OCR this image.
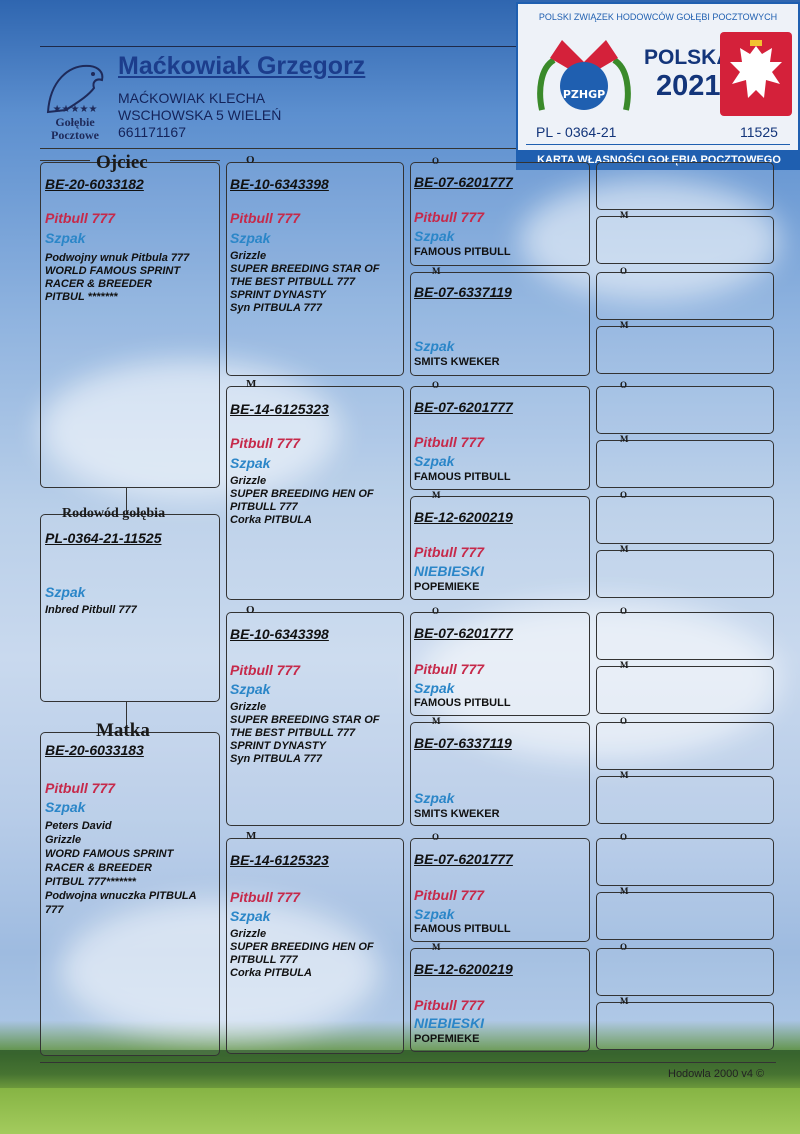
★★★★★
Gołębie
Pocztowe
Maćkowiak Grzegorz
MAĆKOWIAK KLECHA
WSCHOWSKA 5 WIELEŃ
661171167
POLSKI ZWIĄZEK HODOWCÓW GOŁĘBI POCZTOWYCH
PZHGP
POLSKA
2021
PL - 0364-21	11525
KARTA WŁASNOŚCI GOŁĘBIA POCZTOWEGO
Ojciec
BE-20-6033182
Pitbull 777
Szpak
Podwojny wnuk Pitbula 777
WORLD FAMOUS SPRINT
RACER & BREEDER
PITBUL *******
Rodowód gołębia
PL-0364-21-11525
Szpak
Inbred Pitbull 777
Matka
BE-20-6033183
Pitbull 777
Szpak
Peters David
Grizzle
WORD FAMOUS SPRINT
RACER & BREEDER
PITBUL 777*******
Podwojna wnuczka PITBULA
777
O
BE-10-6343398
Pitbull 777
Szpak
Grizzle
SUPER BREEDING STAR OF
THE BEST PITBULL 777
SPRINT DYNASTY
Syn PITBULA 777
M
BE-14-6125323
Pitbull 777
Szpak
Grizzle
SUPER BREEDING HEN OF
PITBULL 777
Corka PITBULA
O
BE-10-6343398
Pitbull 777
Szpak
Grizzle
SUPER BREEDING STAR OF
THE BEST PITBULL 777
SPRINT DYNASTY
Syn PITBULA 777
M
BE-14-6125323
Pitbull 777
Szpak
Grizzle
SUPER BREEDING HEN OF
PITBULL 777
Corka PITBULA
O
BE-07-6201777
Pitbull 777
Szpak
FAMOUS PITBULL
M
BE-07-6337119
Szpak
SMITS KWEKER
O
BE-07-6201777
Pitbull 777
Szpak
FAMOUS PITBULL
M
BE-12-6200219
Pitbull 777
NIEBIESKI
POPEMIEKE
O
BE-07-6201777
Pitbull 777
Szpak
FAMOUS PITBULL
M
BE-07-6337119
Szpak
SMITS KWEKER
O
BE-07-6201777
Pitbull 777
Szpak
FAMOUS PITBULL
M
BE-12-6200219
Pitbull 777
NIEBIESKI
POPEMIEKE
M
O
M
O
M
O
M
O
M
O
M
O
M
O
M
Hodowla 2000 v4 ©
